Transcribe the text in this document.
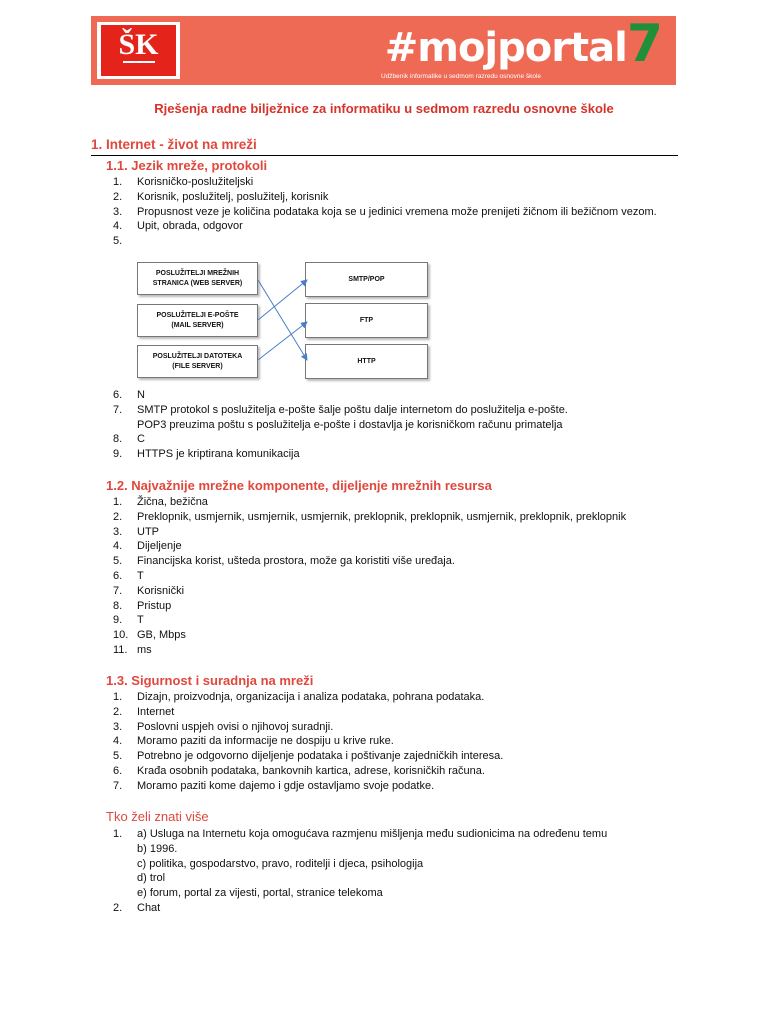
ŠK	#mojportal7
Udžbenik informatike u sedmom razredu osnovne škole
Rješenja radne bilježnice za informatiku u sedmom razredu osnovne škole
1. Internet - život na mreži
1.1. Jezik mreže, protokoli
1. Korisničko-poslužiteljski
2. Korisnik, poslužitelj, poslužitelj, korisnik
3. Propusnost veze je količina podataka koja se u jedinici vremena može prenijeti žičnom ili bežičnom vezom.
4. Upit, obrada, odgovor
5.
POSLUŽITELJI MREŽNIH
STRANICA (WEB SERVER)
POSLUŽITELJI E-POŠTE
(MAIL SERVER)
POSLUŽITELJI DATOTEKA
(FILE SERVER)
SMTP/POP
FTP
HTTP
6. N
7. SMTP protokol s poslužitelja e-pošte šalje poštu dalje internetom do poslužitelja e-pošte.
POP3 preuzima poštu s poslužitelja e-pošte i dostavlja je korisničkom računu primatelja
8. C
9. HTTPS je kriptirana komunikacija
1.2. Najvažnije mrežne komponente, dijeljenje mrežnih resursa
1. Žična, bežična
2. Preklopnik, usmjernik, usmjernik, usmjernik, preklopnik, preklopnik, usmjernik, preklopnik, preklopnik
3. UTP
4. Dijeljenje
5. Financijska korist, ušteda prostora, može ga koristiti više uređaja.
6. T
7. Korisnički
8. Pristup
9. T
10. GB, Mbps
11. ms
1.3. Sigurnost i suradnja na mreži
1. Dizajn, proizvodnja, organizacija i analiza podataka, pohrana podataka.
2. Internet
3. Poslovni uspjeh ovisi o njihovoj suradnji.
4. Moramo paziti da informacije ne dospiju u krive ruke.
5. Potrebno je odgovorno dijeljenje podataka i poštivanje zajedničkih interesa.
6. Krađa osobnih podataka, bankovnih kartica, adrese, korisničkih računa.
7. Moramo paziti kome dajemo i gdje ostavljamo svoje podatke.
Tko želi znati više
1. a) Usluga na Internetu koja omogućava razmjenu mišljenja među sudionicima na određenu temu
b) 1996.
c) politika, gospodarstvo, pravo, roditelji i djeca, psihologija
d) trol
e) forum, portal za vijesti, portal, stranice telekoma
2. Chat
